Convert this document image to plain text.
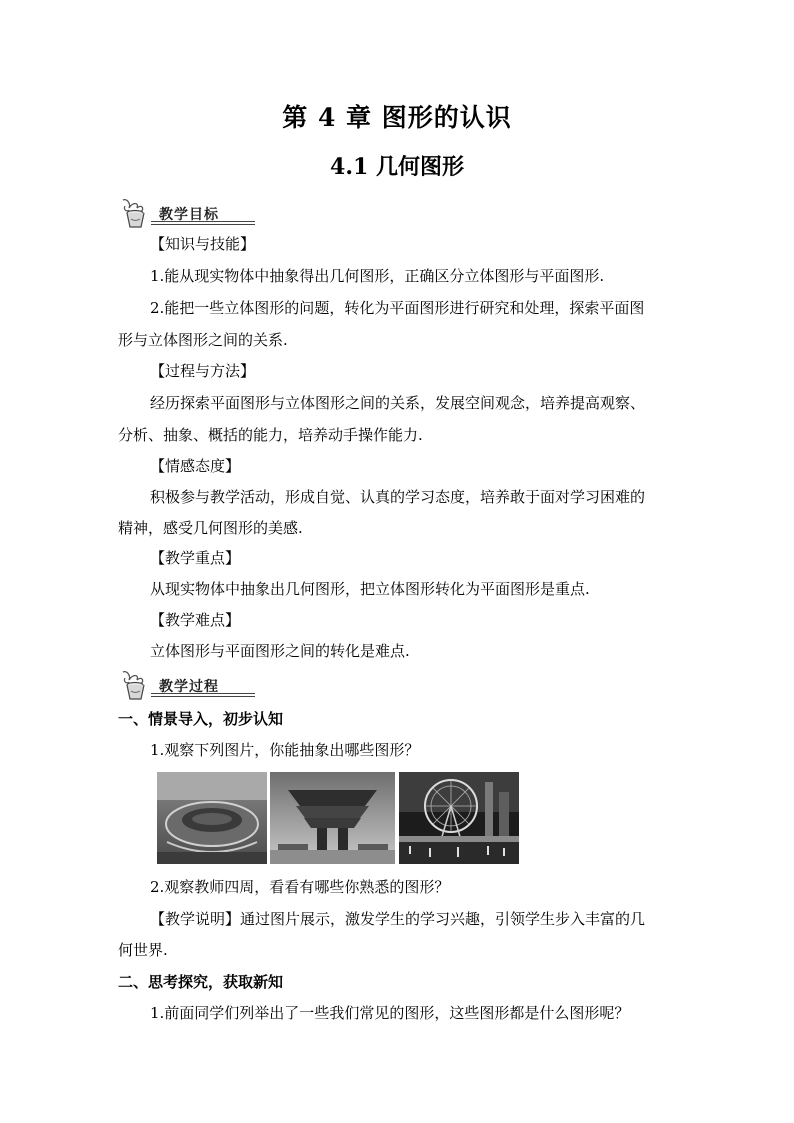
第 4 章 图形的认识
4.1 几何图形
教学目标
【知识与技能】
1.能从现实物体中抽象得出几何图形，正确区分立体图形与平面图形.
2.能把一些立体图形的问题，转化为平面图形进行研究和处理，探索平面图
形与立体图形之间的关系.
【过程与方法】
经历探索平面图形与立体图形之间的关系，发展空间观念，培养提高观察、
分析、抽象、概括的能力，培养动手操作能力.
【情感态度】
积极参与教学活动，形成自觉、认真的学习态度，培养敢于面对学习困难的
精神，感受几何图形的美感.
【教学重点】
从现实物体中抽象出几何图形，把立体图形转化为平面图形是重点.
【教学难点】
立体图形与平面图形之间的转化是难点.
教学过程
一、情景导入，初步认知
1.观察下列图片，你能抽象出哪些图形？
2.观察教师四周，看看有哪些你熟悉的图形？
【教学说明】通过图片展示，激发学生的学习兴趣，引领学生步入丰富的几
何世界.
二、思考探究，获取新知
1.前面同学们列举出了一些我们常见的图形，这些图形都是什么图形呢？
